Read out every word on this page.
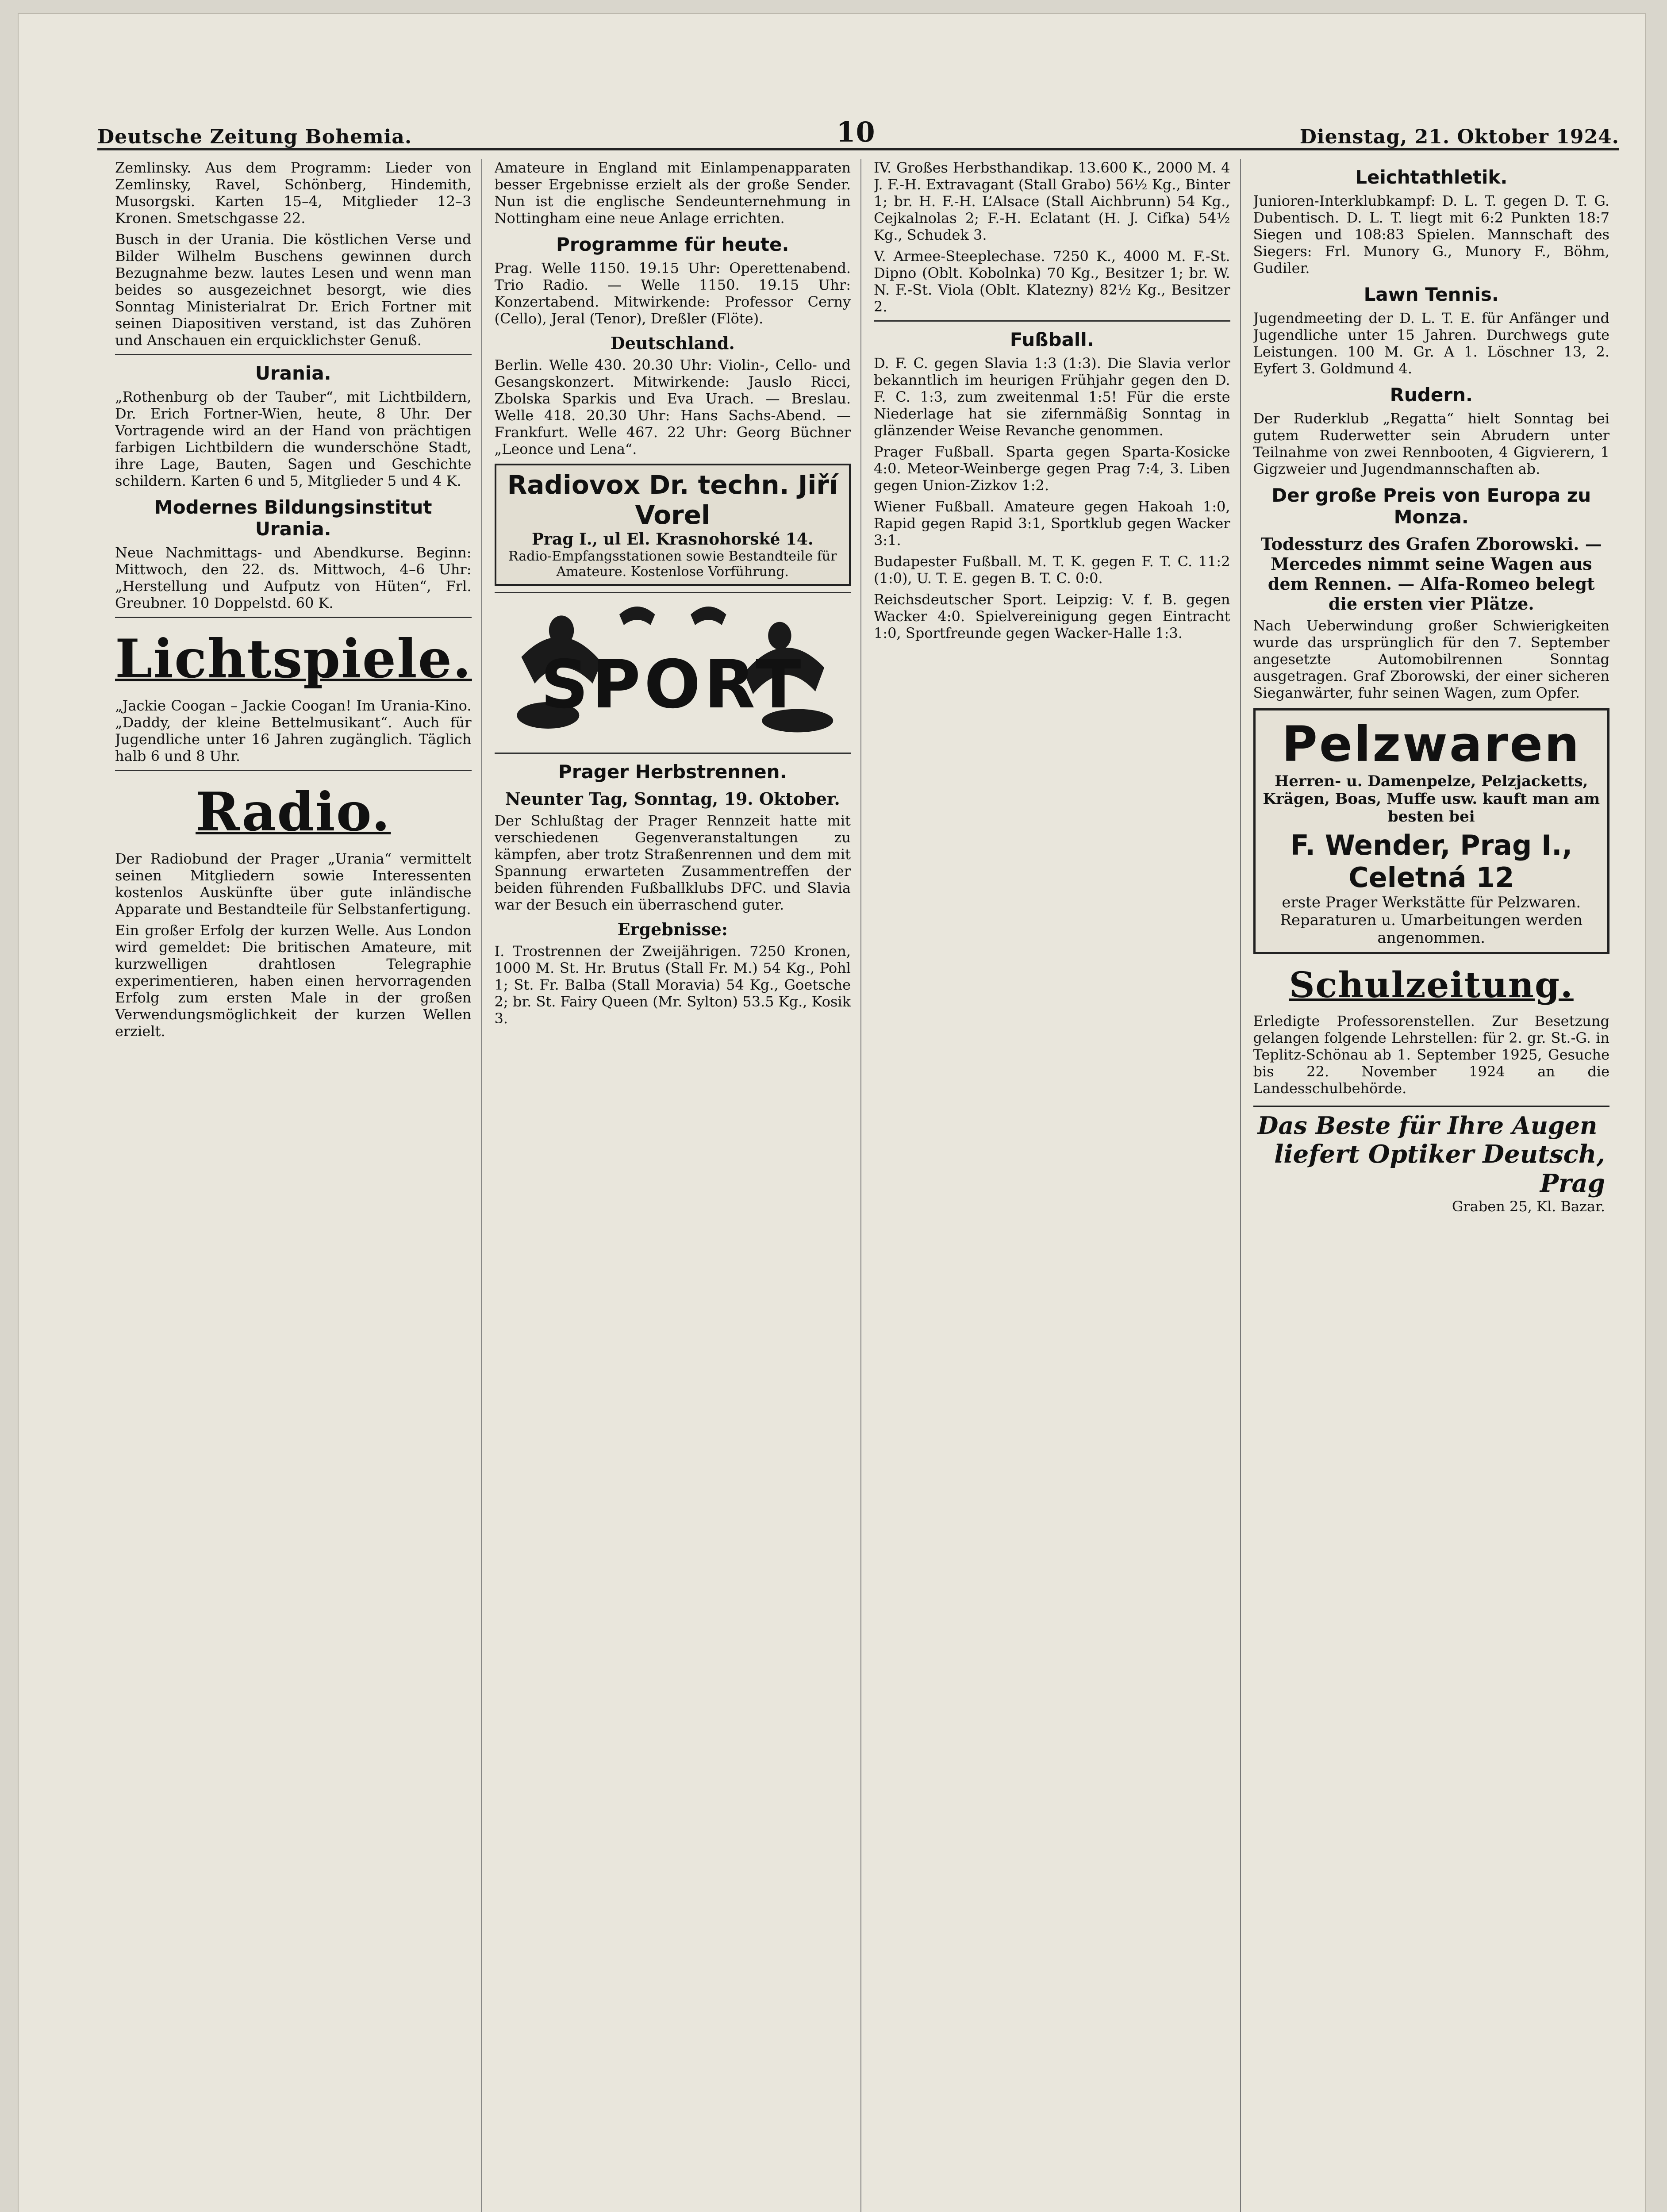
Deutsche Zeitung Bohemia.	10	Dienstag, 21. Oktober 1924.

Zemlinsky. Aus dem Programm: Lieder von Zemlinsky, Ravel, Schönberg, Hindemith, Musorgski. Karten 15–4, Mitglieder 12–3 Kronen. Smetschgasse 22.

Busch in der Urania. Die köstlichen Verse und Bilder Wilhelm Buschens gewinnen durch Bezugnahme bezw. lautes Lesen und wenn man beides so ausgezeichnet besorgt, wie dies Sonntag Ministerialrat Dr. Erich Fortner mit seinen Diapositiven verstand, ist das Zuhören und Anschauen ein erquicklichster Genuß.

Urania.

„Rothenburg ob der Tauber“, mit Lichtbildern, Dr. Erich Fortner-Wien, heute, 8 Uhr. Der Vortragende wird an der Hand von prächtigen farbigen Lichtbildern die wunderschöne Stadt, ihre Lage, Bauten, Sagen und Geschichte schildern. Karten 6 und 5, Mitglieder 5 und 4 K.

Modernes Bildungsinstitut Urania.

Neue Nachmittags- und Abendkurse. Beginn: Mittwoch, den 22. ds. Mittwoch, 4–6 Uhr: „Herstellung und Aufputz von Hüten“, Frl. Greubner. 10 Doppelstd. 60 K.

Lichtspiele.

„Jackie Coogan – Jackie Coogan! Im Urania-Kino. „Daddy, der kleine Bettelmusikant“. Auch für Jugendliche unter 16 Jahren zugänglich. Täglich halb 6 und 8 Uhr.

Radio.

Der Radiobund der Prager „Urania“ vermittelt seinen Mitgliedern sowie Interessenten kostenlos Auskünfte über gute inländische Apparate und Bestandteile für Selbstanfertigung.

Ein großer Erfolg der kurzen Welle. Aus London wird gemeldet: Die britischen Amateure, mit kurzwelligen drahtlosen Telegraphie experimentieren, haben einen hervorragenden Erfolg zum ersten Male in der großen Verwendungsmöglichkeit der kurzen Wellen erzielt.

Amateure in England mit Einlampenapparaten besser Ergebnisse erzielt als der große Sender. Nun ist die englische Sendeunternehmung in Nottingham eine neue Anlage errichten.

Programme für heute.

Prag. Welle 1150. 19.15 Uhr: Operettenabend. Trio Radio. — Welle 1150. 19.15 Uhr: Konzertabend. Mitwirkende: Professor Cerny (Cello), Jeral (Tenor), Dreßler (Flöte).

Deutschland.

Berlin. Welle 430. 20.30 Uhr: Violin-, Cello- und Gesangskonzert. Mitwirkende: Jauslo Ricci, Zbolska Sparkis und Eva Urach. — Breslau. Welle 418. 20.30 Uhr: Hans Sachs-Abend. — Frankfurt. Welle 467. 22 Uhr: Georg Büchner „Leonce und Lena“.

Radiovox Dr. techn. Jiří Vorel
Prag I., ul El. Krasnohorské 14.
Radio-Empfangsstationen sowie Bestandteile für Amateure. Kostenlose Vorführung.
SPORT
Prager Herbstrennen.
Neunter Tag, Sonntag, 19. Oktober.

Der Schlußtag der Prager Rennzeit hatte mit verschiedenen Gegenveranstaltungen zu kämpfen, aber trotz Straßenrennen und dem mit Spannung erwarteten Zusammentreffen der beiden führenden Fußballklubs DFC. und Slavia war der Besuch ein überraschend guter.

Ergebnisse:

I. Trostrennen der Zweijährigen. 7250 Kronen, 1000 M. St. Hr. Brutus (Stall Fr. M.) 54 Kg., Pohl 1; St. Fr. Balba (Stall Moravia) 54 Kg., Goetsche 2; br. St. Fairy Queen (Mr. Sylton) 53.5 Kg., Kosik 3.

IV. Großes Herbsthandikap. 13.600 K., 2000 M. 4 J. F.-H. Extravagant (Stall Grabo) 56½ Kg., Binter 1; br. H. F.-H. L’Alsace (Stall Aichbrunn) 54 Kg., Cejkalnolas 2; F.-H. Eclatant (H. J. Cifka) 54½ Kg., Schudek 3.

V. Armee-Steeplechase. 7250 K., 4000 M. F.-St. Dipno (Oblt. Kobolnka) 70 Kg., Besitzer 1; br. W. N. F.-St. Viola (Oblt. Klatezny) 82½ Kg., Besitzer 2.

Fußball.

D. F. C. gegen Slavia 1:3 (1:3). Die Slavia verlor bekanntlich im heurigen Frühjahr gegen den D. F. C. 1:3, zum zweitenmal 1:5! Für die erste Niederlage hat sie zifernmäßig Sonntag in glänzender Weise Revanche genommen.

Prager Fußball. Sparta gegen Sparta-Kosicke 4:0. Meteor-Weinberge gegen Prag 7:4, 3. Liben gegen Union-Zizkov 1:2.

Wiener Fußball. Amateure gegen Hakoah 1:0, Rapid gegen Rapid 3:1, Sportklub gegen Wacker 3:1.

Budapester Fußball. M. T. K. gegen F. T. C. 11:2 (1:0), U. T. E. gegen B. T. C. 0:0.

Reichsdeutscher Sport. Leipzig: V. f. B. gegen Wacker 4:0. Spielvereinigung gegen Eintracht 1:0, Sportfreunde gegen Wacker-Halle 1:3.

Leichtathletik.

Junioren-Interklubkampf: D. L. T. gegen D. T. G. Dubentisch. D. L. T. liegt mit 6:2 Punkten 18:7 Siegen und 108:83 Spielen. Mannschaft des Siegers: Frl. Munory G., Munory F., Böhm, Gudiler.

Lawn Tennis.

Jugendmeeting der D. L. T. E. für Anfänger und Jugendliche unter 15 Jahren. Durchwegs gute Leistungen. 100 M. Gr. A 1. Löschner 13, 2. Eyfert 3. Goldmund 4.

Rudern.

Der Ruderklub „Regatta“ hielt Sonntag bei gutem Ruderwetter sein Abrudern unter Teilnahme von zwei Rennbooten, 4 Gigvierern, 1 Gigzweier und Jugendmannschaften ab.

Der große Preis von Europa zu Monza.
Todessturz des Grafen Zborowski. — Mercedes nimmt seine Wagen aus dem Rennen. — Alfa-Romeo belegt die ersten vier Plätze.

Nach Ueberwindung großer Schwierigkeiten wurde das ursprünglich für den 7. September angesetzte Automobilrennen Sonntag ausgetragen. Graf Zborowski, der einer sicheren Sieganwärter, fuhr seinen Wagen, zum Opfer.

Pelzwaren
Herren- u. Damenpelze, Pelzjacketts,
Krägen, Boas, Muffe usw. kauft man am
besten bei
F. Wender, Prag I., Celetná 12
erste Prager Werkstätte für Pelzwaren.
Reparaturen u. Umarbeitungen werden angenommen.
Schulzeitung.

Erledigte Professorenstellen. Zur Besetzung gelangen folgende Lehrstellen: für 2. gr. St.-G. in Teplitz-Schönau ab 1. September 1925, Gesuche bis 22. November 1924 an die Landesschulbehörde.

Das Beste für Ihre Augen
liefert Optiker Deutsch, Prag
Graben 25, Kl. Bazar.
